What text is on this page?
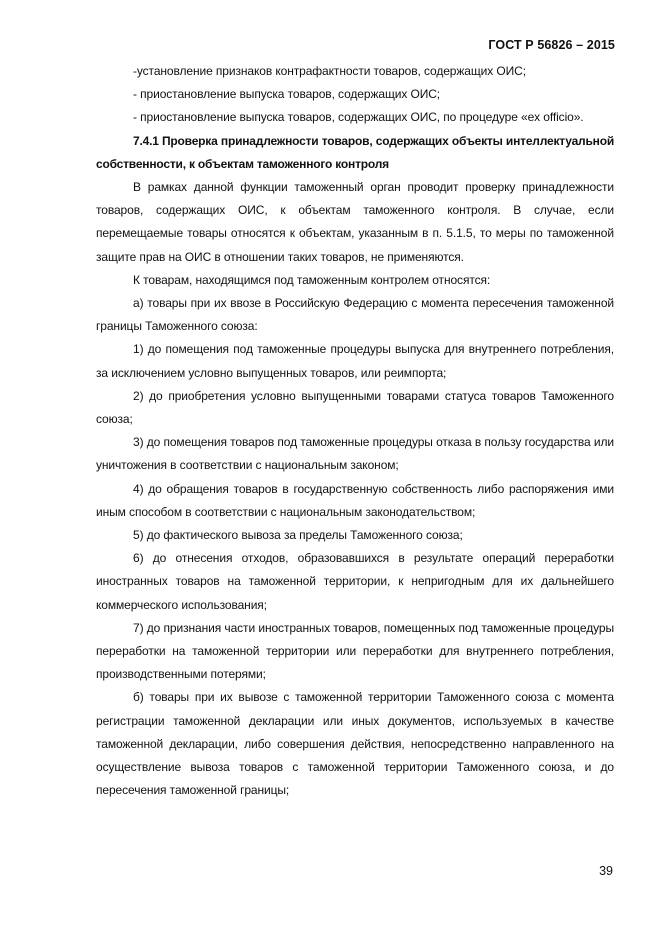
ГОСТ Р 56826 – 2015

-установление признаков контрафактности товаров, содержащих ОИС;

- приостановление выпуска товаров, содержащих ОИС;

- приостановление выпуска товаров, содержащих ОИС, по процедуре «ex officio».

7.4.1 Проверка принадлежности товаров, содержащих объекты интеллектуальной собственности, к объектам таможенного контроля

В рамках данной функции таможенный орган проводит проверку принадлежности товаров, содержащих ОИС, к объектам таможенного контроля. В случае, если перемещаемые товары относятся к объектам, указанным в п. 5.1.5, то меры по таможенной защите прав на ОИС в отношении таких товаров, не применяются.

К товарам, находящимся под таможенным контролем относятся:

а) товары при их ввозе в Российскую Федерацию с момента пересечения таможенной границы Таможенного союза:

1) до помещения под таможенные процедуры выпуска для внутреннего потребления, за исключением условно выпущенных товаров, или реимпорта;

2) до приобретения условно выпущенными товарами статуса товаров Таможенного союза;

3) до помещения товаров под таможенные процедуры отказа в пользу государства или уничтожения в соответствии с национальным законом;

4) до обращения товаров в государственную собственность либо распоряжения ими иным способом в соответствии с национальным законодательством;

5) до фактического вывоза за пределы Таможенного союза;

6) до отнесения отходов, образовавшихся в результате операций переработки иностранных товаров на таможенной территории, к непригодным для их дальнейшего коммерческого использования;

7) до признания части иностранных товаров, помещенных под таможенные процедуры переработки на таможенной территории или переработки для внутреннего потребления, производственными потерями;

б) товары при их вывозе с таможенной территории Таможенного союза с момента регистрации таможенной декларации или иных документов, используемых в качестве таможенной декларации, либо совершения действия, непосредственно направленного на осуществление вывоза товаров с таможенной территории Таможенного союза, и до пересечения таможенной границы;

39
